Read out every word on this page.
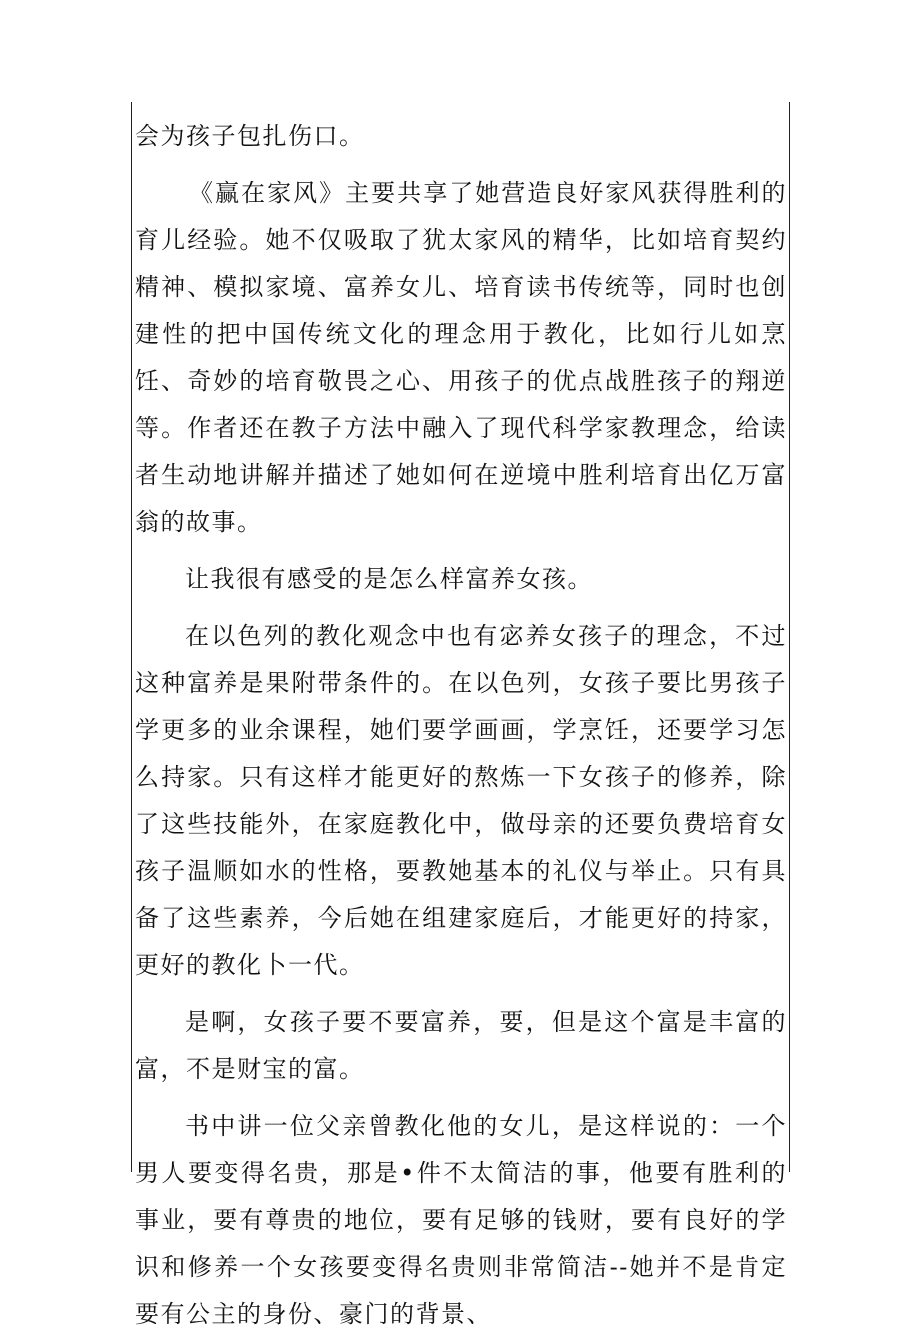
会为孩子包扎伤口。

《赢在家风》主要共享了她营造良好家风获得胜利的育儿经验。她不仅吸取了犹太家风的精华，比如培育契约精神、模拟家境、富养女儿、培育读书传统等，同时也创建性的把中国传统文化的理念用于教化，比如行儿如烹饪、奇妙的培育敬畏之心、用孩子的优点战胜孩子的翔逆等。作者还在教子方法中融入了现代科学家教理念，给读者生动地讲解并描述了她如何在逆境中胜利培育出亿万富翁的故事。

让我很有感受的是怎么样富养女孩。

在以色列的教化观念中也有宓养女孩子的理念，不过这种富养是果附带条件的。在以色列，女孩子要比男孩子学更多的业余课程，她们要学画画，学烹饪，还要学习怎么持家。只有这样才能更好的熬炼一下女孩子的修养，除了这些技能外，在家庭教化中，做母亲的还要负费培育女孩子温顺如水的性格，要教她基本的礼仪与举止。只有具备了这些素养，今后她在组建家庭后，才能更好的持家，更好的教化卜一代。

是啊，女孩子要不要富养，要，但是这个富是丰富的富，不是财宝的富。

书中讲一位父亲曾教化他的女儿，是这样说的：一个男人要变得名贵，那是•件不太简洁的事，他要有胜利的事业，要有尊贵的地位，要有足够的钱财，要有良好的学识和修养一个女孩要变得名贵则非常简洁--她并不是肯定要有公主的身份、豪门的背景、
